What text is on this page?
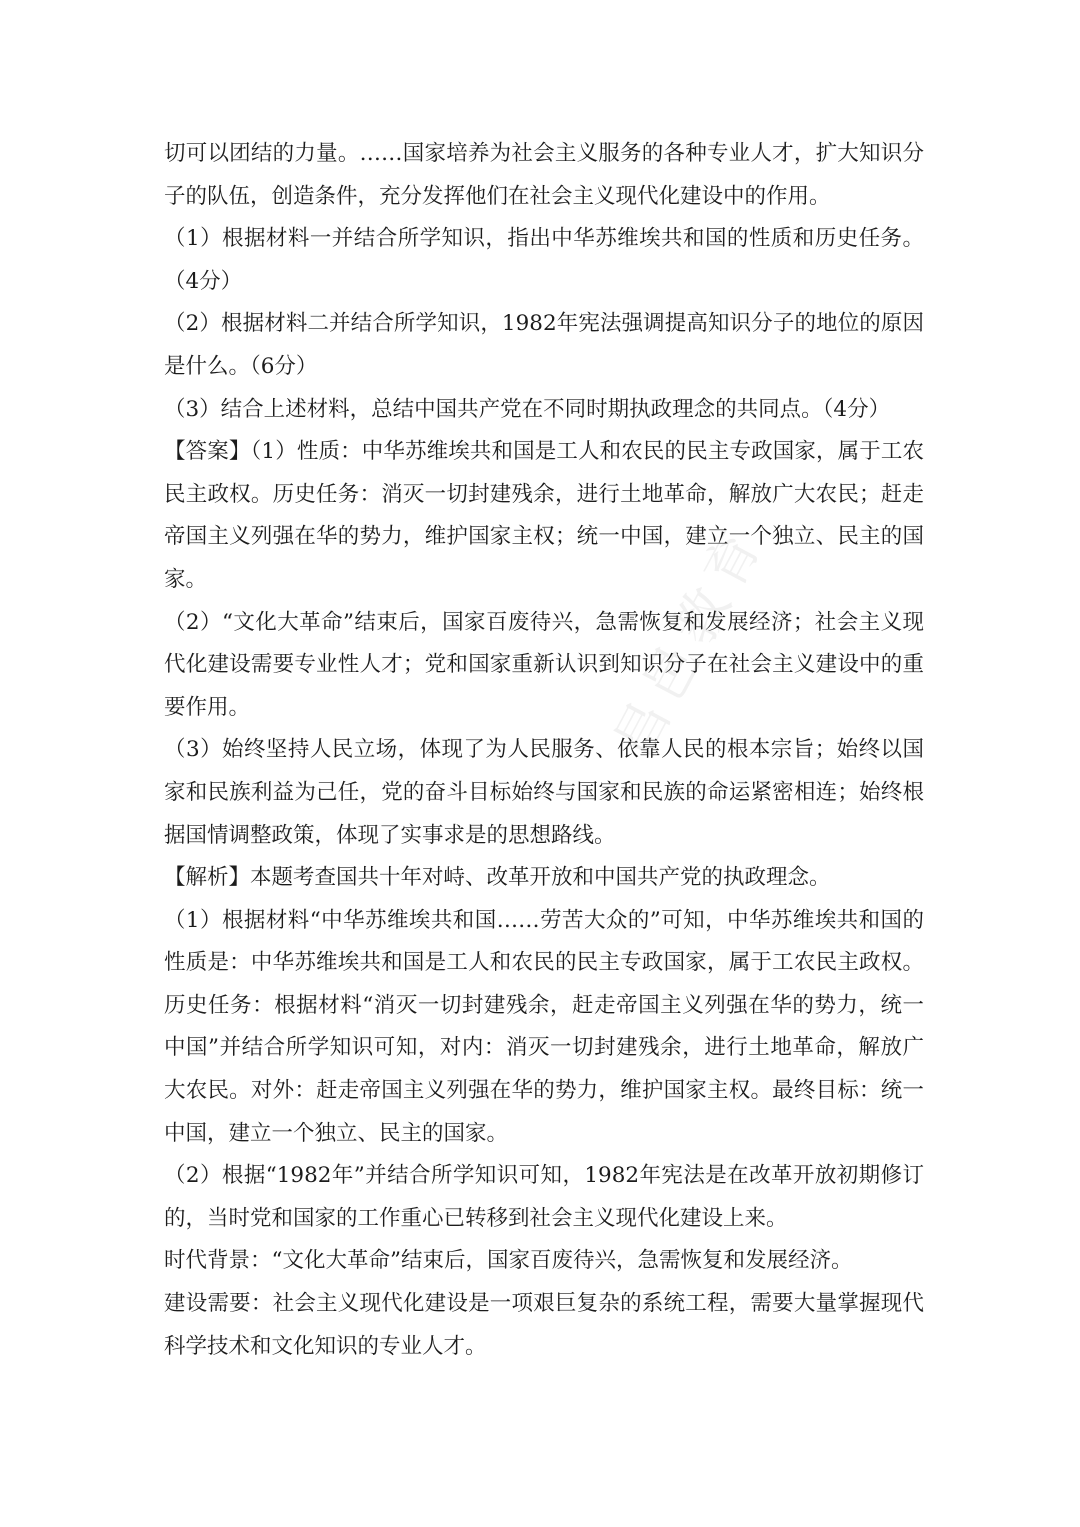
昌邑教育

切可以团结的力量。……国家培养为社会主义服务的各种专业人才，扩大知识分子的队伍，创造条件，充分发挥他们在社会主义现代化建设中的作用。

（1）根据材料一并结合所学知识，指出中华苏维埃共和国的性质和历史任务。（4分）

（2）根据材料二并结合所学知识，1982年宪法强调提高知识分子的地位的原因是什么。（6分）

（3）结合上述材料，总结中国共产党在不同时期执政理念的共同点。（4分）

【答案】（1）性质：中华苏维埃共和国是工人和农民的民主专政国家，属于工农民主政权。历史任务：消灭一切封建残余，进行土地革命，解放广大农民；赶走帝国主义列强在华的势力，维护国家主权；统一中国，建立一个独立、民主的国家。

（2）“文化大革命”结束后，国家百废待兴，急需恢复和发展经济；社会主义现代化建设需要专业性人才；党和国家重新认识到知识分子在社会主义建设中的重要作用。

（3）始终坚持人民立场，体现了为人民服务、依靠人民的根本宗旨；始终以国家和民族利益为己任，党的奋斗目标始终与国家和民族的命运紧密相连；始终根据国情调整政策，体现了实事求是的思想路线。

【解析】本题考查国共十年对峙、改革开放和中国共产党的执政理念。

（1）根据材料“中华苏维埃共和国……劳苦大众的”可知，中华苏维埃共和国的性质是：中华苏维埃共和国是工人和农民的民主专政国家，属于工农民主政权。历史任务：根据材料“消灭一切封建残余，赶走帝国主义列强在华的势力，统一中国”并结合所学知识可知，对内：消灭一切封建残余，进行土地革命，解放广大农民。对外：赶走帝国主义列强在华的势力，维护国家主权。最终目标：统一中国，建立一个独立、民主的国家。

（2）根据“1982年”并结合所学知识可知，1982年宪法是在改革开放初期修订的，当时党和国家的工作重心已转移到社会主义现代化建设上来。

时代背景：“文化大革命”结束后，国家百废待兴，急需恢复和发展经济。

建设需要：社会主义现代化建设是一项艰巨复杂的系统工程，需要大量掌握现代科学技术和文化知识的专业人才。
